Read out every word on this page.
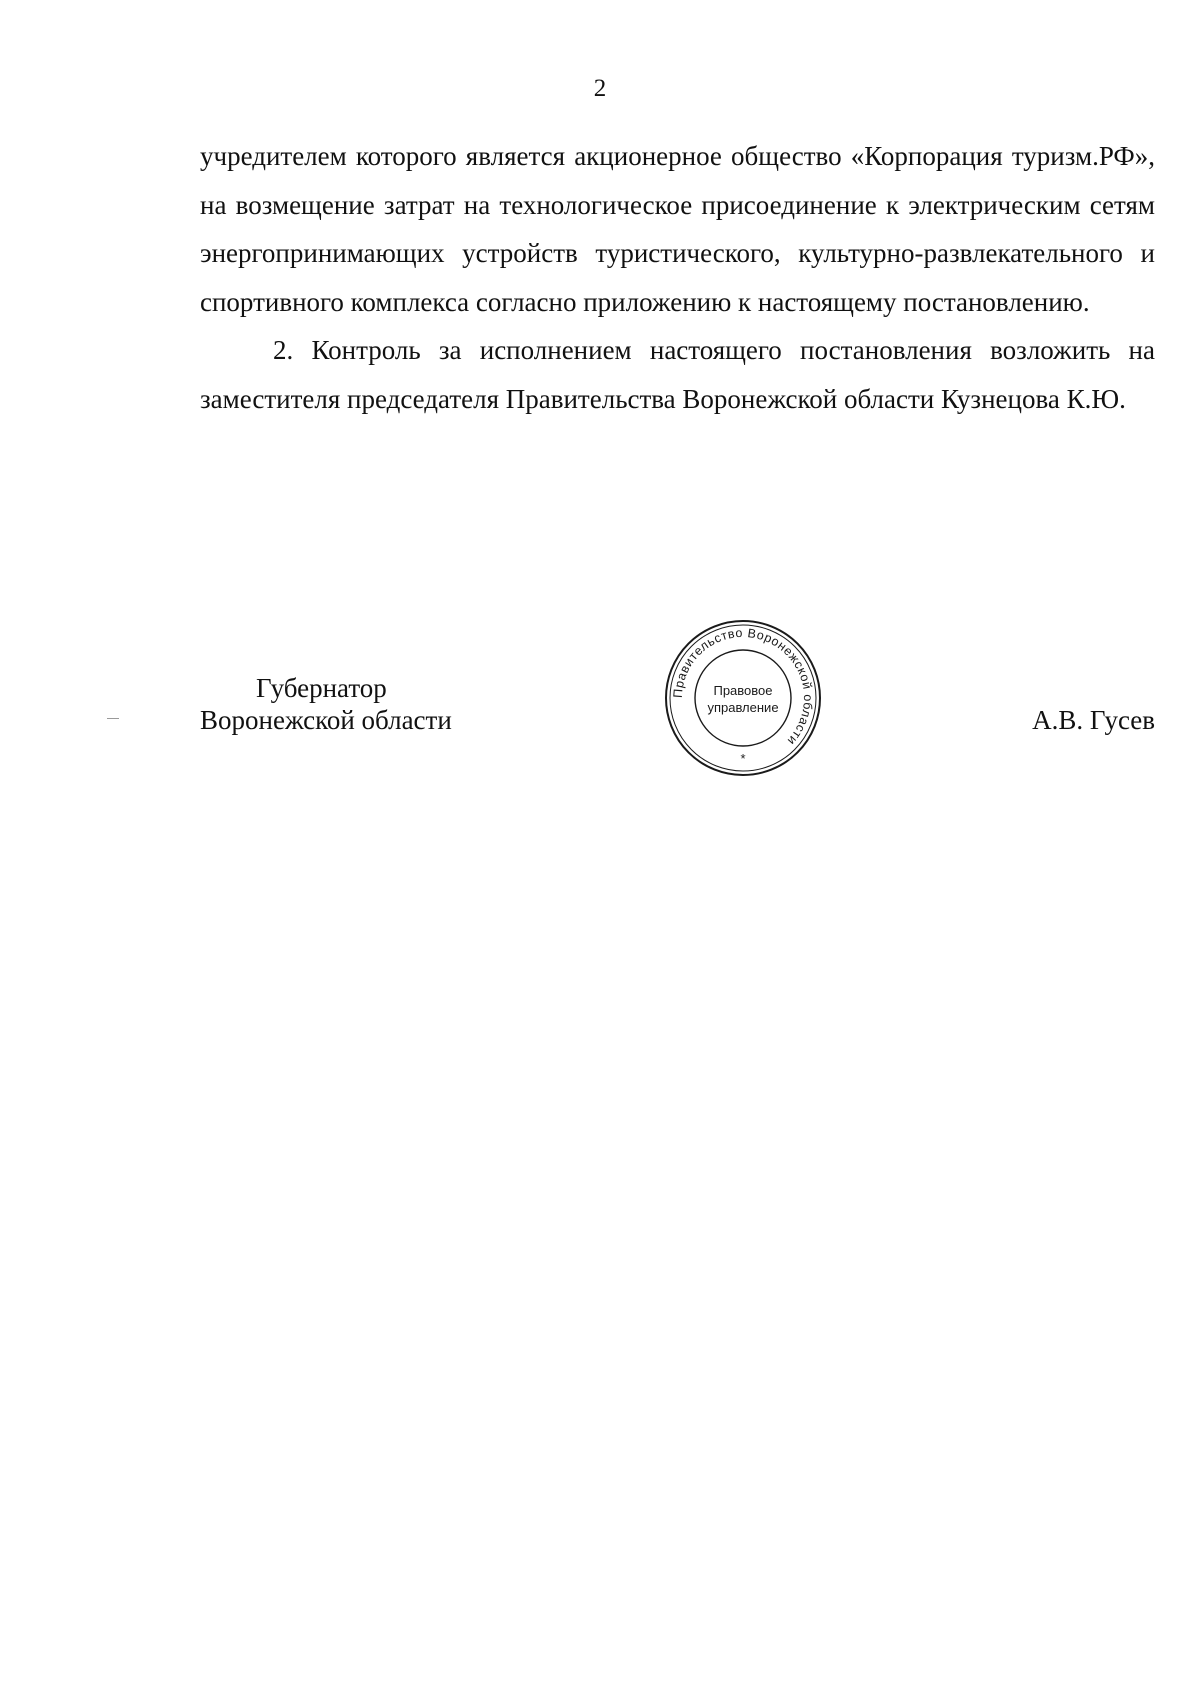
2

учредителем которого является акционерное общество «Корпорация туризм.РФ», на возмещение затрат на технологическое присоединение к электрическим сетям энергопринимающих устройств туристического, культурно-развлекательного и спортивного комплекса согласно приложению к настоящему постановлению.

2. Контроль за исполнением настоящего постановления возложить на заместителя председателя Правительства Воронежской области Кузнецова К.Ю.

Губернатор
Воронежской области	А.В. Гусев
Правительство Воронежской области
Правовое
управление
*
